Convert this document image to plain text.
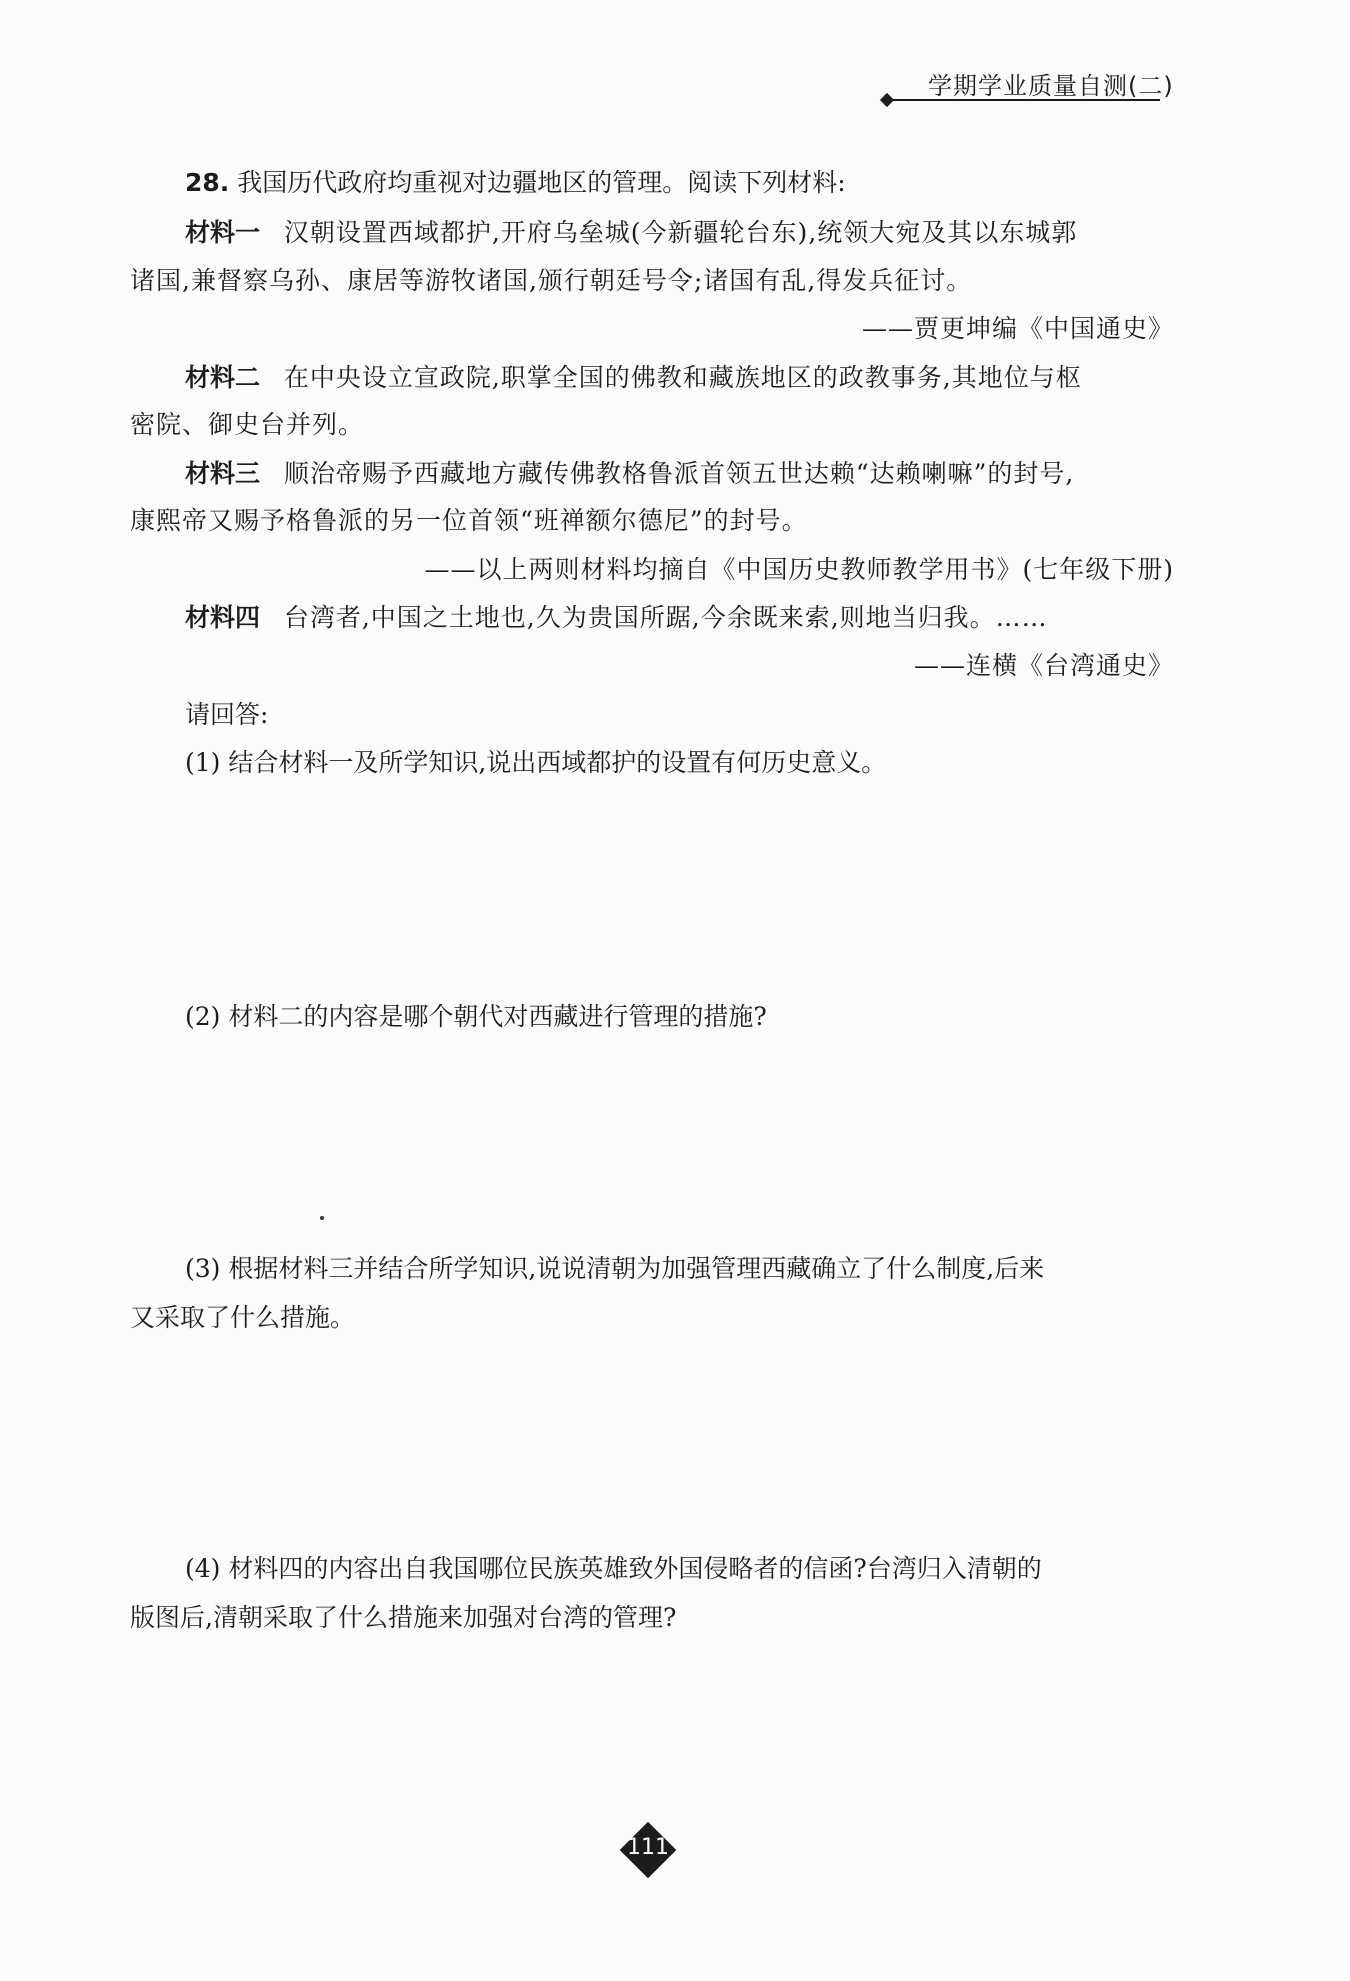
学期学业质量自测(二)
28. 我国历代政府均重视对边疆地区的管理。阅读下列材料:
材料一 汉朝设置西域都护,开府乌垒城(今新疆轮台东),统领大宛及其以东城郭
诸国,兼督察乌孙、康居等游牧诸国,颁行朝廷号令;诸国有乱,得发兵征讨。
——贾更坤编《中国通史》
材料二 在中央设立宣政院,职掌全国的佛教和藏族地区的政教事务,其地位与枢
密院、御史台并列。
材料三 顺治帝赐予西藏地方藏传佛教格鲁派首领五世达赖“达赖喇嘛”的封号,
康熙帝又赐予格鲁派的另一位首领“班禅额尔德尼”的封号。
——以上两则材料均摘自《中国历史教师教学用书》(七年级下册)
材料四 台湾者,中国之土地也,久为贵国所踞,今余既来索,则地当归我。……
——连横《台湾通史》
请回答:
(1) 结合材料一及所学知识,说出西域都护的设置有何历史意义。
(2) 材料二的内容是哪个朝代对西藏进行管理的措施?
(3) 根据材料三并结合所学知识,说说清朝为加强管理西藏确立了什么制度,后来
又采取了什么措施。
(4) 材料四的内容出自我国哪位民族英雄致外国侵略者的信函?台湾归入清朝的
版图后,清朝采取了什么措施来加强对台湾的管理?
111
